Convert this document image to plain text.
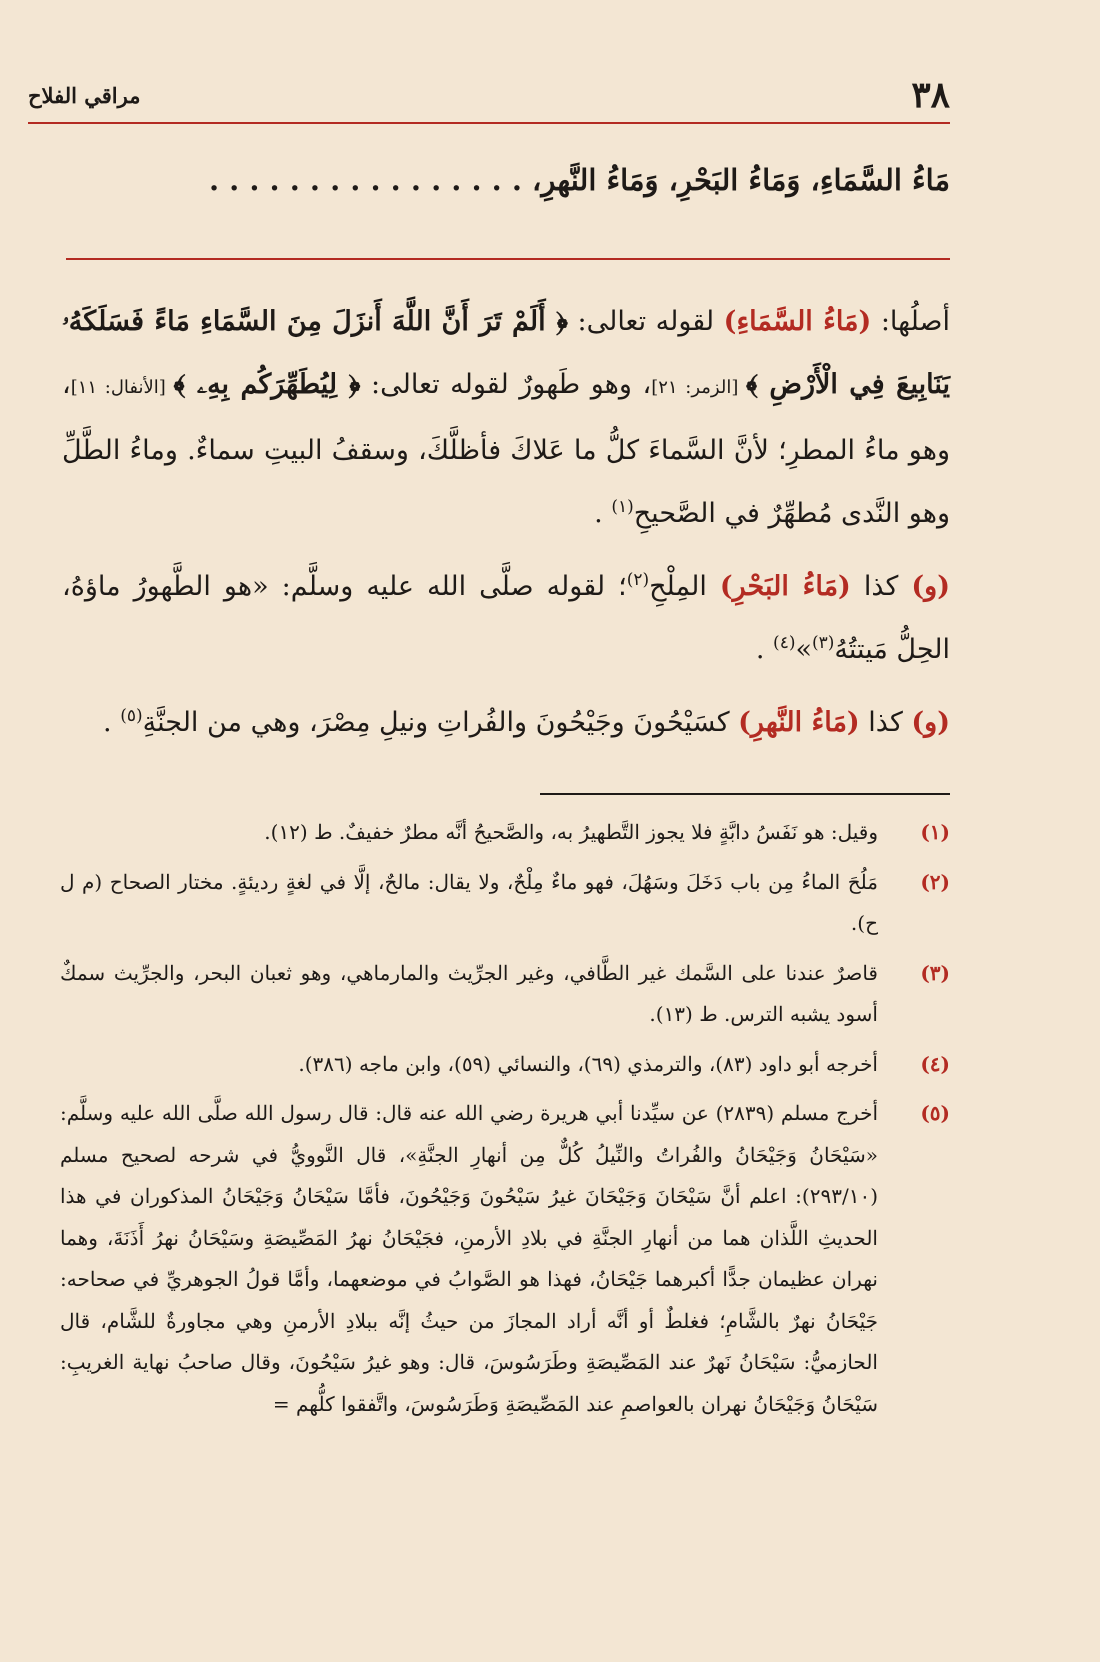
٣٨
مراقي الفلاح
مَاءُ السَّمَاءِ، وَمَاءُ البَحْرِ، وَمَاءُ النَّهرِ، . . . . . . . . . . . . . . . .

أصلُها: (مَاءُ السَّمَاءِ) لقوله تعالى: ﴿ أَلَمْ تَرَ أَنَّ اللَّهَ أَنزَلَ مِنَ السَّمَاءِ مَاءً فَسَلَكَهُۥ يَنَابِيعَ فِي الْأَرْضِ ﴾ [الزمر: ٢١]، وهو طَهورٌ لقوله تعالى: ﴿ لِيُطَهِّرَكُم بِهِۦ ﴾ [الأنفال: ١١]، وهو ماءُ المطرِ؛ لأنَّ السَّماءَ كلُّ ما عَلاكَ فأظلَّكَ، وسقفُ البيتِ سماءٌ. وماءُ الطَّلِّ وهو النَّدى مُطهِّرٌ في الصَّحيحِ$^{(١)}$ .

(و) كذا (مَاءُ البَحْرِ) المِلْحِ$^{(٢)}$؛ لقوله صلَّى الله عليه وسلَّم: «هو الطَّهورُ ماؤهُ، الحِلُّ مَيتتُهُ$^{(٣)}$»$^{(٤)}$ .

(و) كذا (مَاءُ النَّهرِ) كسَيْحُونَ وجَيْحُونَ والفُراتِ ونيلِ مِصْرَ، وهي من الجنَّةِ$^{(٥)}$ .

(١)
وقيل: هو نَفَسُ دابَّةٍ فلا يجوز التَّطهيرُ به، والصَّحيحُ أنَّه مطرٌ خفيفٌ. ط (١٢).
(٢)
مَلُحَ الماءُ مِن باب دَخَلَ وسَهُلَ، فهو ماءٌ مِلْحٌ، ولا يقال: مالحٌ، إلَّا في لغةٍ رديئةٍ. مختار الصحاح (م ل ح).
(٣)
قاصرٌ عندنا على السَّمك غير الطَّافي، وغير الجرِّيث والمارماهي، وهو ثعبان البحر، والجرِّيث سمكٌ أسود يشبه الترس. ط (١٣).
(٤)
أخرجه أبو داود (٨٣)، والترمذي (٦٩)، والنسائي (٥٩)، وابن ماجه (٣٨٦).
(٥)
أخرج مسلم (٢٨٣٩) عن سيِّدنا أبي هريرة رضي الله عنه قال: قال رسول الله صلَّى الله عليه وسلَّم: «سَيْحَانُ وَجَيْحَانُ والفُراتُ والنِّيلُ كُلٌّ مِن أنهارِ الجنَّةِ»، قال النَّوويُّ في شرحه لصحيح مسلم (٢٩٣/١٠): اعلم أنَّ سَيْحَانَ وَجَيْحَانَ غيرُ سَيْحُونَ وَجَيْحُونَ، فأمَّا سَيْحَانُ وَجَيْحَانُ المذكوران في هذا الحديثِ اللَّذان هما من أنهارِ الجنَّةِ في بلادِ الأرمنِ، فجَيْحَانُ نهرُ المَصِّيصَةِ وسَيْحَانُ نهرُ أَذَنَةَ، وهما نهران عظيمان جدًّا أكبرهما جَيْحَانُ، فهذا هو الصَّوابُ في موضعهما، وأمَّا قولُ الجوهريِّ في صحاحه: جَيْحَانُ نهرٌ بالشَّامِ؛ فغلطٌ أو أنَّه أراد المجازَ من حيثُ إنَّه ببلادِ الأرمنِ وهي مجاورةٌ للشَّام، قال الحازميُّ: سَيْحَانُ نَهرٌ عند المَصِّيصَةِ وطَرَسُوسَ، قال: وهو غيرُ سَيْحُونَ، وقال صاحبُ نهاية الغريبِ: سَيْحَانُ وَجَيْحَانُ نهران بالعواصمِ عند المَصِّيصَةِ وَطَرَسُوسَ، واتَّفقوا كلُّهم =
